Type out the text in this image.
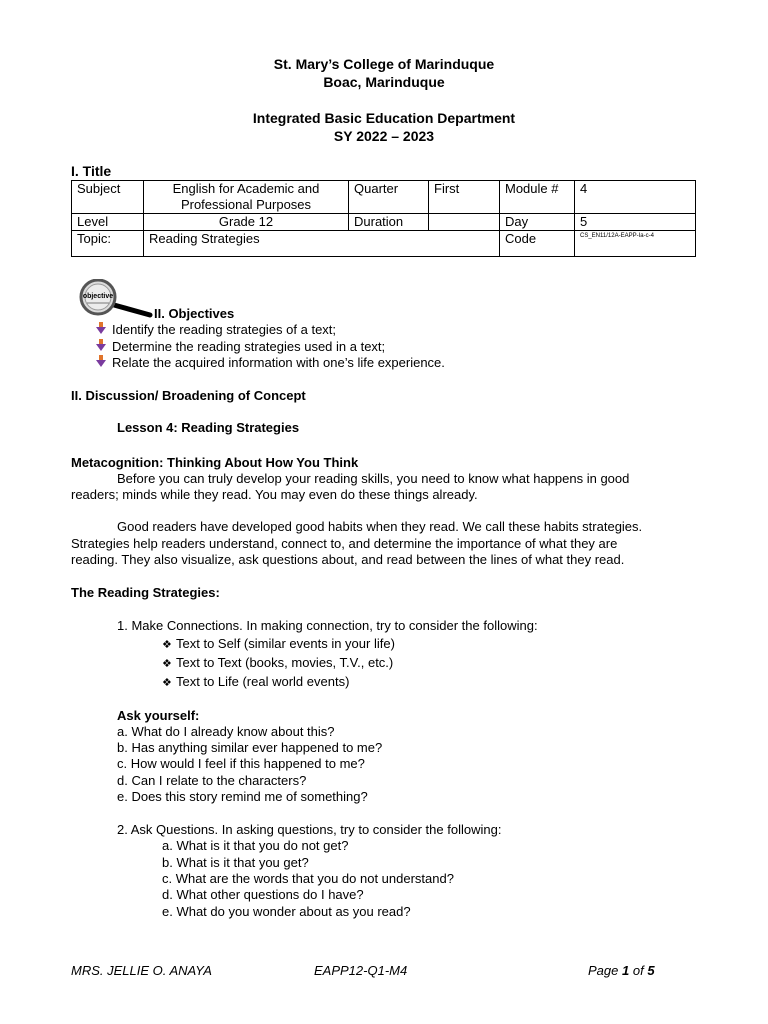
St. Mary’s College of Marinduque
Boac, Marinduque
Integrated Basic Education Department
SY 2022 – 2023
I. Title
Subject	English for Academic and Professional Purposes	Quarter	First	Module #	4
Level	Grade 12	Duration		Day	5
Topic:	Reading Strategies			Code	CS_EN11/12A-EAPP-Ia-c-4
objective
II. Objectives
Identify the reading strategies of a text;
Determine the reading strategies used in a text;
Relate the acquired information with one’s life experience.
II. Discussion/ Broadening of Concept
Lesson 4: Reading Strategies
Metacognition: Thinking About How You Think
Before you can truly develop your reading skills, you need to know what happens in good
readers; minds while they read. You may even do these things already.
Good readers have developed good habits when they read. We call these habits strategies.
Strategies help readers understand, connect to, and determine the importance of what they are
reading. They also visualize, ask questions about, and read between the lines of what they read.
The Reading Strategies:
1. Make Connections. In making connection, try to consider the following:
❖ Text to Self (similar events in your life)
❖ Text to Text (books, movies, T.V., etc.)
❖ Text to Life (real world events)
Ask yourself:
a. What do I already know about this?
b. Has anything similar ever happened to me?
c. How would I feel if this happened to me?
d. Can I relate to the characters?
e. Does this story remind me of something?
2. Ask Questions. In asking questions, try to consider the following:
a. What is it that you do not get?
b. What is it that you get?
c. What are the words that you do not understand?
d. What other questions do I have?
e. What do you wonder about as you read?
MRS. JELLIE O. ANAYA	EAPP12-Q1-M4	Page 1 of 5
